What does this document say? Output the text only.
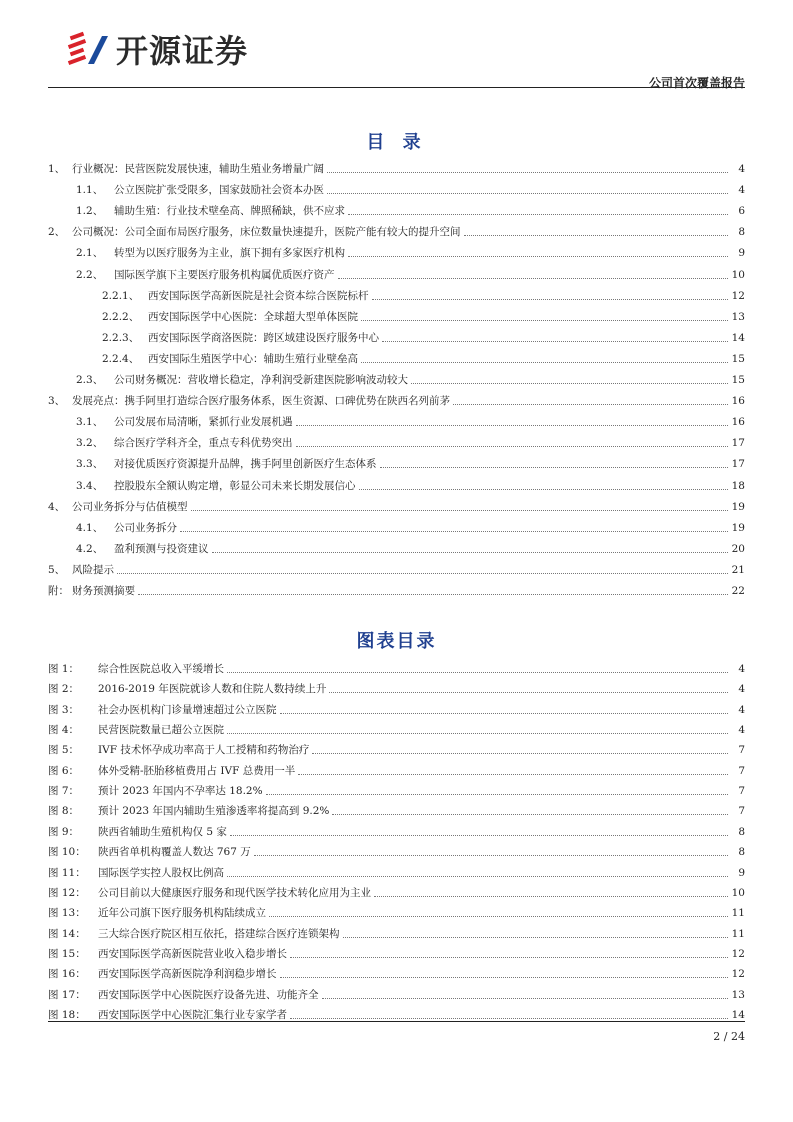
开源证券
公司首次覆盖报告
目 录
1、 行业概况：民营医院发展快速，辅助生殖业务增量广阔	4
1.1、	公立医院扩张受限多，国家鼓励社会资本办医	4
1.2、	辅助生殖：行业技术壁垒高、牌照稀缺，供不应求	6
2、 公司概况：公司全面布局医疗服务，床位数量快速提升，医院产能有较大的提升空间	8
2.1、	转型为以医疗服务为主业，旗下拥有多家医疗机构	9
2.2、	国际医学旗下主要医疗服务机构属优质医疗资产	10
2.2.1、 西安国际医学高新医院是社会资本综合医院标杆	12
2.2.2、 西安国际医学中心医院：全球超大型单体医院	13
2.2.3、 西安国际医学商洛医院：跨区域建设医疗服务中心	14
2.2.4、 西安国际生殖医学中心：辅助生殖行业壁垒高	15
2.3、	公司财务概况：营收增长稳定，净利润受新建医院影响波动较大	15
3、 发展亮点：携手阿里打造综合医疗服务体系，医生资源、口碑优势在陕西名列前茅	16
3.1、	公司发展布局清晰，紧抓行业发展机遇	16
3.2、	综合医疗学科齐全，重点专科优势突出	17
3.3、	对接优质医疗资源提升品牌，携手阿里创新医疗生态体系	17
3.4、	控股股东全额认购定增，彰显公司未来长期发展信心	18
4、 公司业务拆分与估值模型	19
4.1、	公司业务拆分	19
4.2、	盈利预测与投资建议	20
5、 风险提示	21
附： 财务预测摘要	22
图表目录
图 1：	综合性医院总收入平缓增长	4
图 2：	2016-2019 年医院就诊人数和住院人数持续上升	4
图 3：	社会办医机构门诊量增速超过公立医院	4
图 4：	民营医院数量已超公立医院	4
图 5：	IVF 技术怀孕成功率高于人工授精和药物治疗	7
图 6：	体外受精-胚胎移植费用占 IVF 总费用一半	7
图 7：	预计 2023 年国内不孕率达 18.2%	7
图 8：	预计 2023 年国内辅助生殖渗透率将提高到 9.2%	7
图 9：	陕西省辅助生殖机构仅 5 家	8
图 10：	陕西省单机构覆盖人数达 767 万	8
图 11：	国际医学实控人股权比例高	9
图 12：	公司目前以大健康医疗服务和现代医学技术转化应用为主业	10
图 13：	近年公司旗下医疗服务机构陆续成立	11
图 14：	三大综合医疗院区相互依托，搭建综合医疗连锁架构	11
图 15：	西安国际医学高新医院营业收入稳步增长	12
图 16：	西安国际医学高新医院净利润稳步增长	12
图 17：	西安国际医学中心医院医疗设备先进、功能齐全	13
图 18：	西安国际医学中心医院汇集行业专家学者	14
2 / 24
